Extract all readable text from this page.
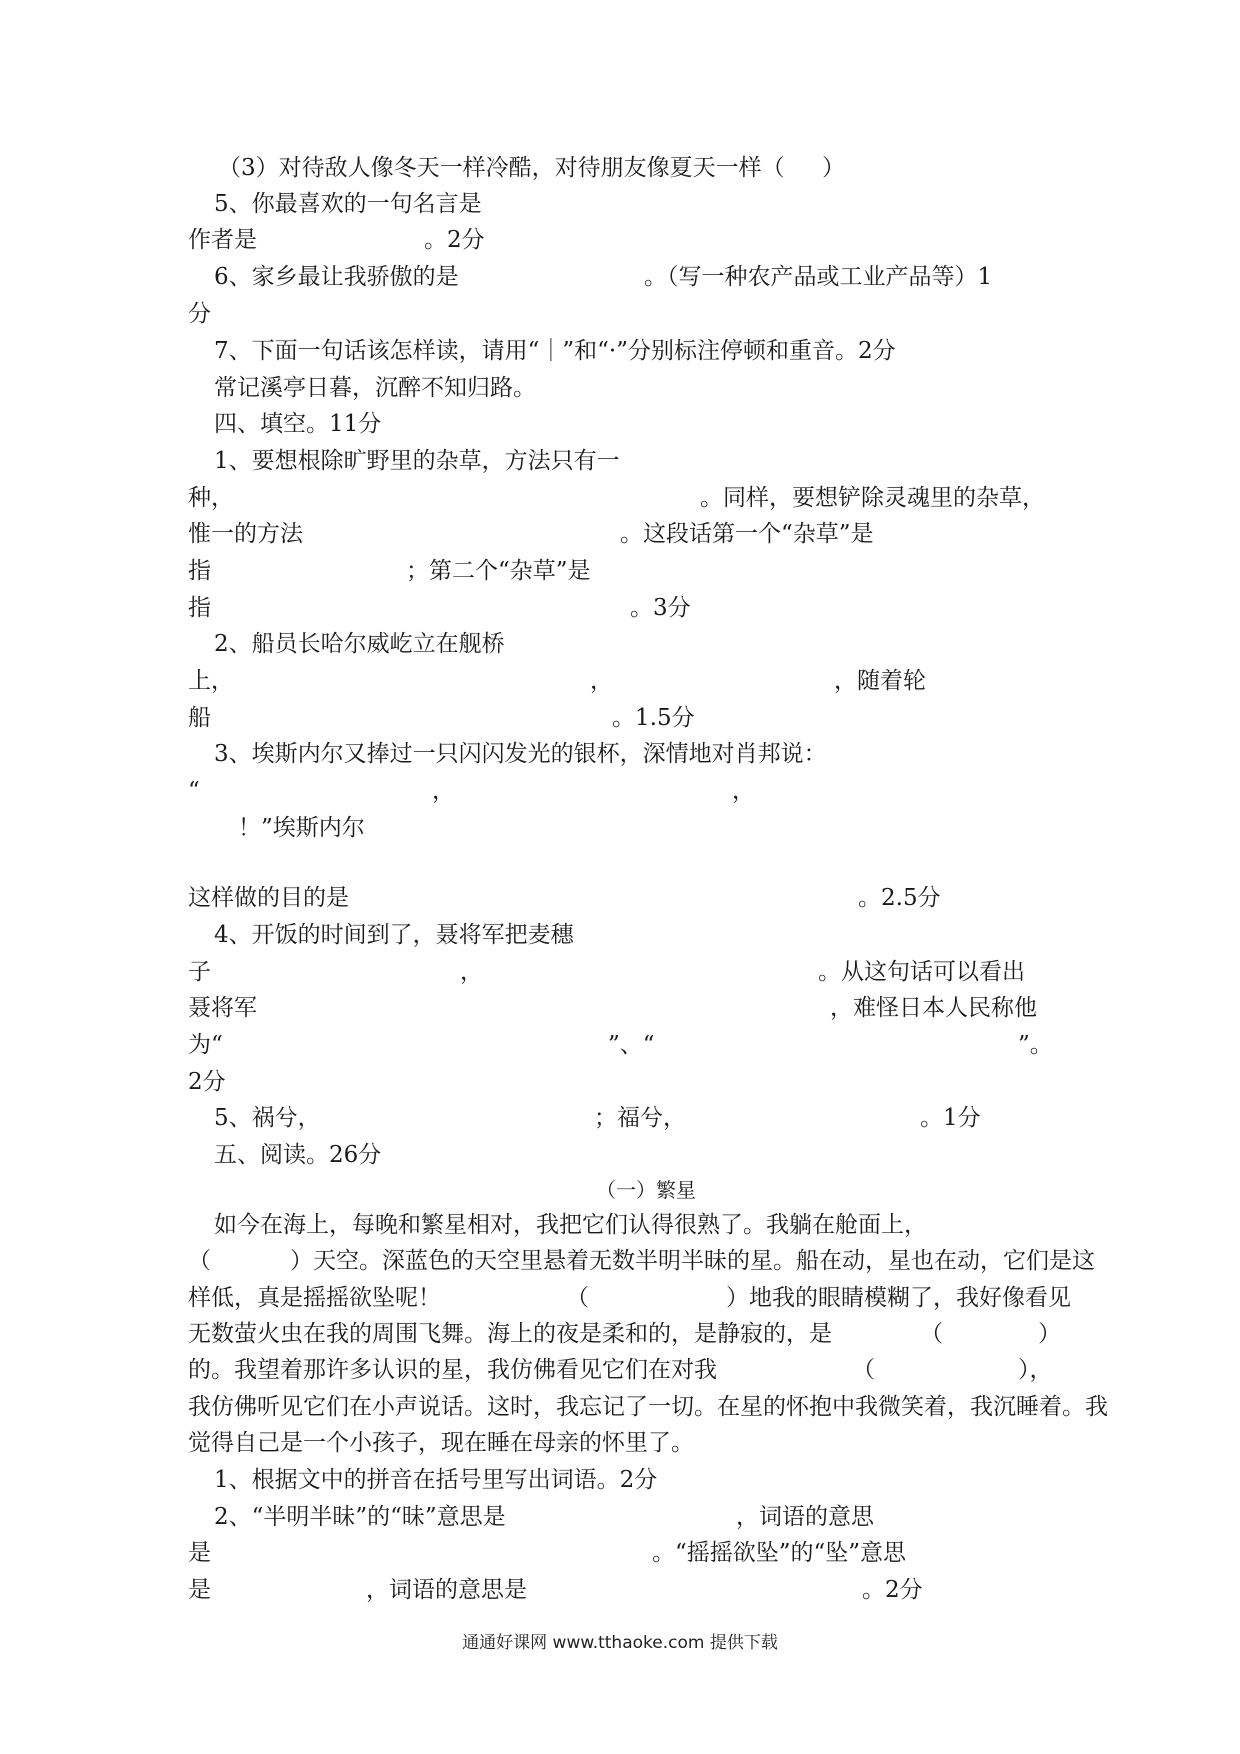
（3）对待敌人像冬天一样冷酷，对待朋友像夏天一样（ ）
5、你最喜欢的一句名言是
作者是	。2分
6、家乡最让我骄傲的是	。（写一种农产品或工业产品等）1
分
7、下面一句话该怎样读，请用“｜”和“·”分别标注停顿和重音。2分
常记溪亭日暮，沉醉不知归路。
四、填空。11分
1、要想根除旷野里的杂草，方法只有一
种，	。同样，要想铲除灵魂里的杂草，
惟一的方法	。这段话第一个“杂草”是
指	；第二个“杂草”是
指	。3分
2、船员长哈尔威屹立在舰桥
上，	，	，随着轮
船	。1.5分
3、埃斯内尔又捧过一只闪闪发光的银杯，深情地对肖邦说：
“	，	，
！”埃斯内尔
这样做的目的是	。2.5分
4、开饭的时间到了，聂将军把麦穗
子	，	。从这句话可以看出
聂将军	，难怪日本人民称他
为“	”、“	”。
2分
5、祸兮，	；福兮，	。1分
五、阅读。26分
（一）繁星
如今在海上，每晚和繁星相对，我把它们认得很熟了。我躺在舱面上，
（	）天空。深蓝色的天空里悬着无数半明半昧的星。船在动，星也在动，它们是这
样低，真是摇摇欲坠呢！	（	）地我的眼睛模糊了，我好像看见
无数萤火虫在我的周围飞舞。海上的夜是柔和的，是静寂的，是	（	）
的。我望着那许多认识的星，我仿佛看见它们在对我	（	），
我仿佛听见它们在小声说话。这时，我忘记了一切。在星的怀抱中我微笑着，我沉睡着。我
觉得自己是一个小孩子，现在睡在母亲的怀里了。
1、根据文中的拼音在括号里写出词语。2分
2、“半明半昧”的“昧”意思是	，词语的意思
是	。“摇摇欲坠”的“坠”意思
是	，词语的意思是	。2分
通通好课网 www.tthaoke.com 提供下载
